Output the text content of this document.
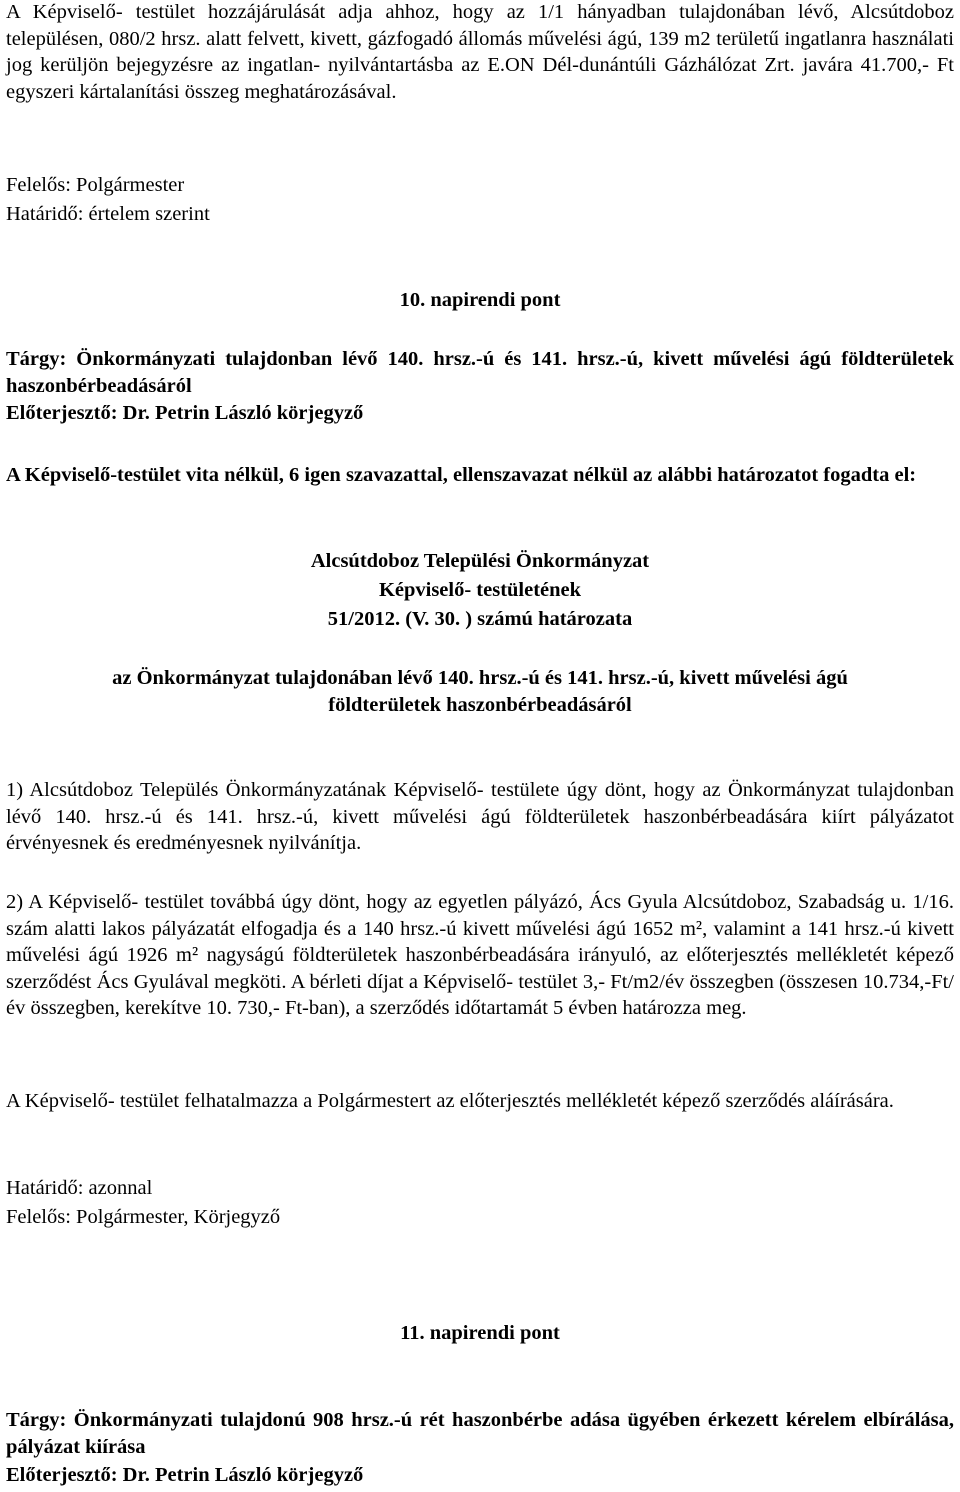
A Képviselő- testület hozzájárulását adja ahhoz, hogy az 1/1 hányadban tulajdonában lévő, Alcsútdoboz településen, 080/2 hrsz. alatt felvett, kivett, gázfogadó állomás művelési ágú, 139 m2 területű ingatlanra használati jog kerüljön bejegyzésre az ingatlan- nyilvántartásba az E.ON Dél-dunántúli Gázhálózat Zrt. javára 41.700,- Ft egyszeri kártalanítási összeg meghatározásával.

Felelős: Polgármester

Határidő: értelem szerint

10. napirendi pont

Tárgy: Önkormányzati tulajdonban lévő 140. hrsz.-ú és 141. hrsz.-ú, kivett művelési ágú földterületek haszonbérbeadásáról

Előterjesztő: Dr. Petrin László körjegyző

A Képviselő-testület vita nélkül, 6 igen szavazattal, ellenszavazat nélkül az alábbi határozatot fogadta el:

Alcsútdoboz Települési Önkormányzat

Képviselő- testületének

51/2012. (V. 30. ) számú határozata

az Önkormányzat tulajdonában lévő 140. hrsz.-ú és 141. hrsz.-ú, kivett művelési ágú

földterületek haszonbérbeadásáról

1) Alcsútdoboz Település Önkormányzatának Képviselő- testülete úgy dönt, hogy az Önkormányzat tulajdonban lévő 140. hrsz.-ú és 141. hrsz.-ú, kivett művelési ágú földterületek haszonbérbeadására kiírt pályázatot érvényesnek és eredményesnek nyilvánítja.

2) A Képviselő- testület továbbá úgy dönt, hogy az egyetlen pályázó, Ács Gyula Alcsútdoboz, Szabadság u. 1/16. szám alatti lakos pályázatát elfogadja és a 140 hrsz.-ú kivett művelési ágú 1652 m², valamint a 141 hrsz.-ú kivett művelési ágú 1926 m² nagyságú földterületek haszonbérbeadására irányuló, az előterjesztés mellékletét képező szerződést Ács Gyulával megköti. A bérleti díjat a Képviselő- testület 3,- Ft/m2/év összegben (összesen 10.734,-Ft/év összegben, kerekítve 10. 730,- Ft-ban), a szerződés időtartamát 5 évben határozza meg.

A Képviselő- testület felhatalmazza a Polgármestert az előterjesztés mellékletét képező szerződés aláírására.

Határidő: azonnal

Felelős: Polgármester, Körjegyző

11. napirendi pont

Tárgy: Önkormányzati tulajdonú 908 hrsz.-ú rét haszonbérbe adása ügyében érkezett kérelem elbírálása, pályázat kiírása

Előterjesztő: Dr. Petrin László körjegyző
